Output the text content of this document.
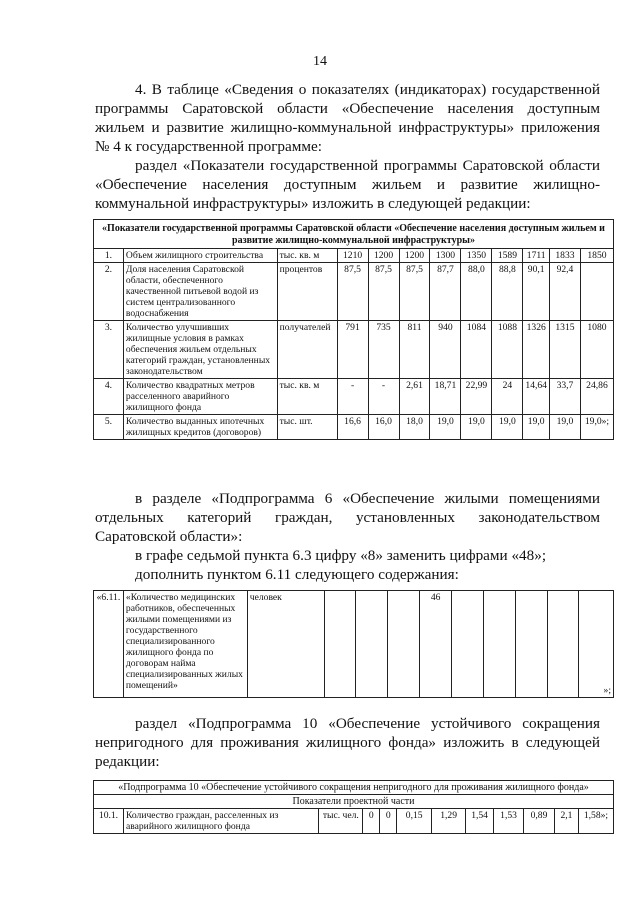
14
4. В таблице «Сведения о показателях (индикаторах) государственной программы Саратовской области «Обеспечение населения доступным жильем и развитие жилищно-коммунальной инфраструктуры» приложения № 4 к государственной программе:
раздел «Показатели государственной программы Саратовской области «Обеспечение населения доступным жильем и развитие жилищно-коммунальной инфраструктуры» изложить в следующей редакции:
«Показатели государственной программы Саратовской области «Обеспечение населения доступным жильем и развитие жилищно-коммунальной инфраструктуры»											
1.	Объем жилищного строительства	тыс. кв. м	1210	1200	1200	1300	1350	1589	1711	1833	1850
2.	Доля населения Саратовской области, обеспеченного качественной питьевой водой из систем централизованного водоснабжения	процентов	87,5	87,5	87,5	87,7	88,0	88,8	90,1	92,4	
3.	Количество улучшивших жилищные условия в рамках обеспечения жильем отдельных категорий граждан, установленных законодательством	получателей	791	735	811	940	1084	1088	1326	1315	1080
4.	Количество квадратных метров расселенного аварийного жилищного фонда	тыс. кв. м	-	-	2,61	18,71	22,99	24	14,64	33,7	24,86
5.	Количество выданных ипотечных жилищных кредитов (договоров)	тыс. шт.	16,6	16,0	18,0	19,0	19,0	19,0	19,0	19,0	19,0»;
в разделе «Подпрограмма 6 «Обеспечение жилыми помещениями отдельных категорий граждан, установленных законодательством Саратовской области»:
в графе седьмой пункта 6.3 цифру «8» заменить цифрами «48»;
дополнить пунктом 6.11 следующего содержания:
«6.11.	«Количество медицинских работников, обеспеченных жилыми помещениями из государственного специализированного жилищного фонда по договорам найма специализированных жилых помещений»	человек				46					»;
раздел «Подпрограмма 10 «Обеспечение устойчивого сокращения непригодного для проживания жилищного фонда» изложить в следующей редакции:
«Подпрограмма 10 «Обеспечение устойчивого сокращения непригодного для проживания жилищного фонда»
Показатели проектной части
10.1.	Количество граждан, расселенных из аварийного жилищного фонда	тыс. чел.	0	0	0,15	1,29	1,54	1,53	0,89	2,1	1,58»;
